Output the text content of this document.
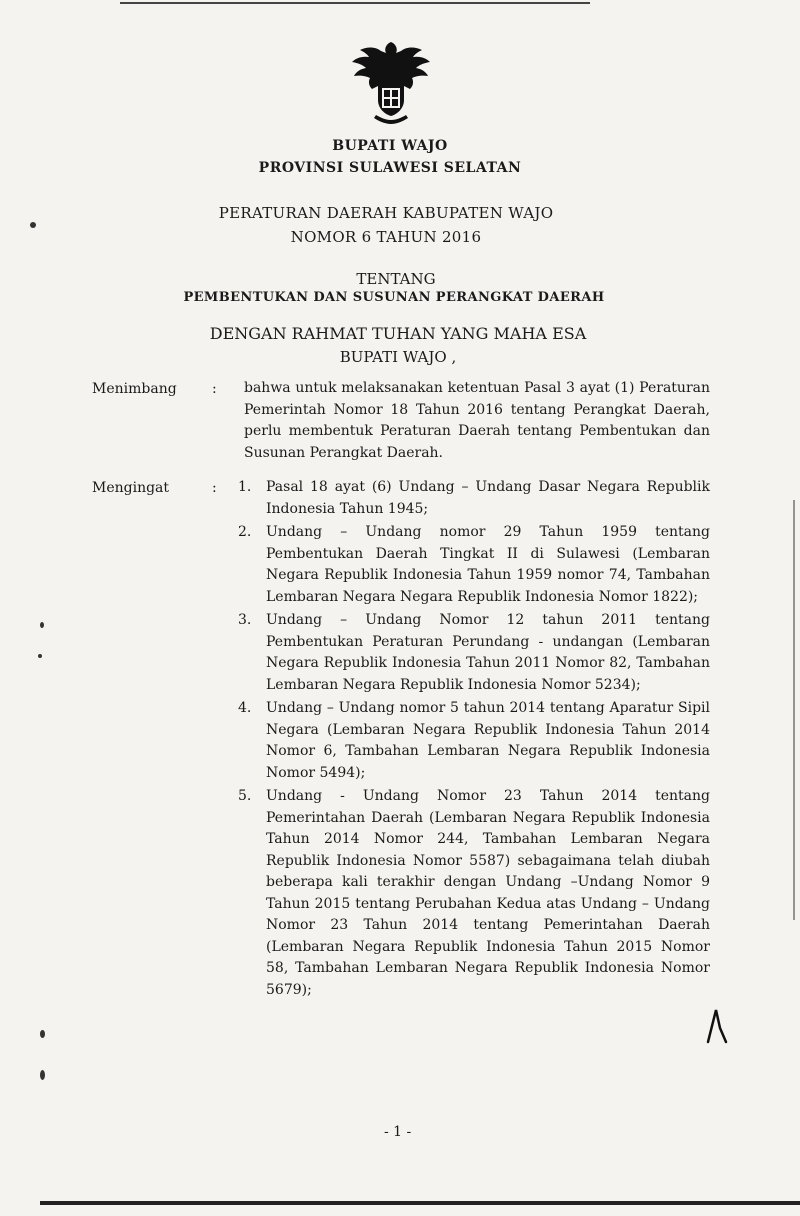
BUPATI WAJO
PROVINSI SULAWESI SELATAN
PERATURAN DAERAH KABUPATEN WAJO
NOMOR 6 TAHUN 2016
TENTANG
PEMBENTUKAN DAN SUSUNAN PERANGKAT DAERAH
DENGAN RAHMAT TUHAN YANG MAHA ESA
BUPATI WAJO ,
Menimbang	: bahwa untuk melaksanakan ketentuan Pasal 3 ayat (1) Peraturan Pemerintah Nomor 18 Tahun 2016 tentang Perangkat Daerah, perlu membentuk Peraturan Daerah tentang Pembentukan dan Susunan Perangkat Daerah.
Mengingat	: 1. Pasal 18 ayat (6) Undang – Undang Dasar Negara Republik Indonesia Tahun 1945;
2. Undang – Undang nomor 29 Tahun 1959 tentang Pembentukan Daerah Tingkat II di Sulawesi (Lembaran Negara Republik Indonesia Tahun 1959 nomor 74, Tambahan Lembaran Negara Negara Republik Indonesia Nomor 1822);
3. Undang – Undang Nomor 12 tahun 2011 tentang Pembentukan Peraturan Perundang - undangan (Lembaran Negara Republik Indonesia Tahun 2011 Nomor 82, Tambahan Lembaran Negara Republik Indonesia Nomor 5234);
4. Undang – Undang nomor 5 tahun 2014 tentang Aparatur Sipil Negara (Lembaran Negara Republik Indonesia Tahun 2014 Nomor 6, Tambahan Lembaran Negara Republik Indonesia Nomor 5494);
5. Undang - Undang Nomor 23 Tahun 2014 tentang Pemerintahan Daerah (Lembaran Negara Republik Indonesia Tahun 2014 Nomor 244, Tambahan Lembaran Negara Republik Indonesia Nomor 5587) sebagaimana telah diubah beberapa kali terakhir dengan Undang –Undang Nomor 9 Tahun 2015 tentang Perubahan Kedua atas Undang – Undang Nomor 23 Tahun 2014 tentang Pemerintahan Daerah (Lembaran Negara Republik Indonesia Tahun 2015 Nomor 58, Tambahan Lembaran Negara Republik Indonesia Nomor 5679);
- 1 -
